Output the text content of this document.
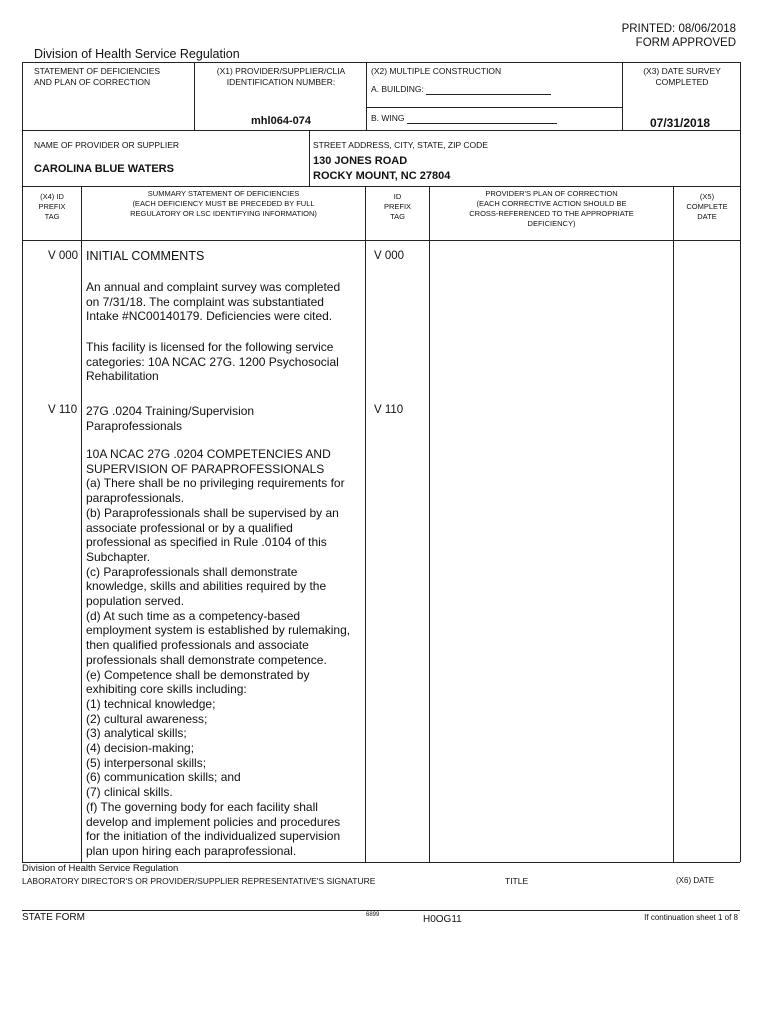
PRINTED: 08/06/2018
FORM APPROVED
Division of Health Service Regulation
STATEMENT OF DEFICIENCIES
AND PLAN OF CORRECTION
(X1) PROVIDER/SUPPLIER/CLIA
IDENTIFICATION NUMBER:
mhl064-074
(X2) MULTIPLE CONSTRUCTION
A. BUILDING:
B. WING
(X3) DATE SURVEY
COMPLETED
07/31/2018
NAME OF PROVIDER OR SUPPLIER
CAROLINA BLUE WATERS
STREET ADDRESS, CITY, STATE, ZIP CODE
130 JONES ROAD
ROCKY MOUNT, NC 27804
(X4) ID
PREFIX
TAG
SUMMARY STATEMENT OF DEFICIENCIES
(EACH DEFICIENCY MUST BE PRECEDED BY FULL
REGULATORY OR LSC IDENTIFYING INFORMATION)
ID
PREFIX
TAG
PROVIDER'S PLAN OF CORRECTION
(EACH CORRECTIVE ACTION SHOULD BE
CROSS-REFERENCED TO THE APPROPRIATE
DEFICIENCY)
(X5)
COMPLETE
DATE
V 000 INITIAL COMMENTS	V 000
An annual and complaint survey was completed
on 7/31/18. The complaint was substantiated
Intake #NC00140179. Deficiencies were cited.
This facility is licensed for the following service
categories: 10A NCAC 27G. 1200 Psychosocial
Rehabilitation
V 110 27G .0204 Training/Supervision
Paraprofessionals
V 110
10A NCAC 27G .0204 COMPETENCIES AND
SUPERVISION OF PARAPROFESSIONALS
(a) There shall be no privileging requirements for
paraprofessionals.
(b) Paraprofessionals shall be supervised by an
associate professional or by a qualified
professional as specified in Rule .0104 of this
Subchapter.
(c) Paraprofessionals shall demonstrate
knowledge, skills and abilities required by the
population served.
(d) At such time as a competency-based
employment system is established by rulemaking,
then qualified professionals and associate
professionals shall demonstrate competence.
(e) Competence shall be demonstrated by
exhibiting core skills including:
(1) technical knowledge;
(2) cultural awareness;
(3) analytical skills;
(4) decision-making;
(5) interpersonal skills;
(6) communication skills; and
(7) clinical skills.
(f) The governing body for each facility shall
develop and implement policies and procedures
for the initiation of the individualized supervision
plan upon hiring each paraprofessional.
Division of Health Service Regulation
LABORATORY DIRECTOR'S OR PROVIDER/SUPPLIER REPRESENTATIVE'S SIGNATURE	TITLE	(X6) DATE
STATE FORM	6899	H0OG11	If continuation sheet 1 of 8
